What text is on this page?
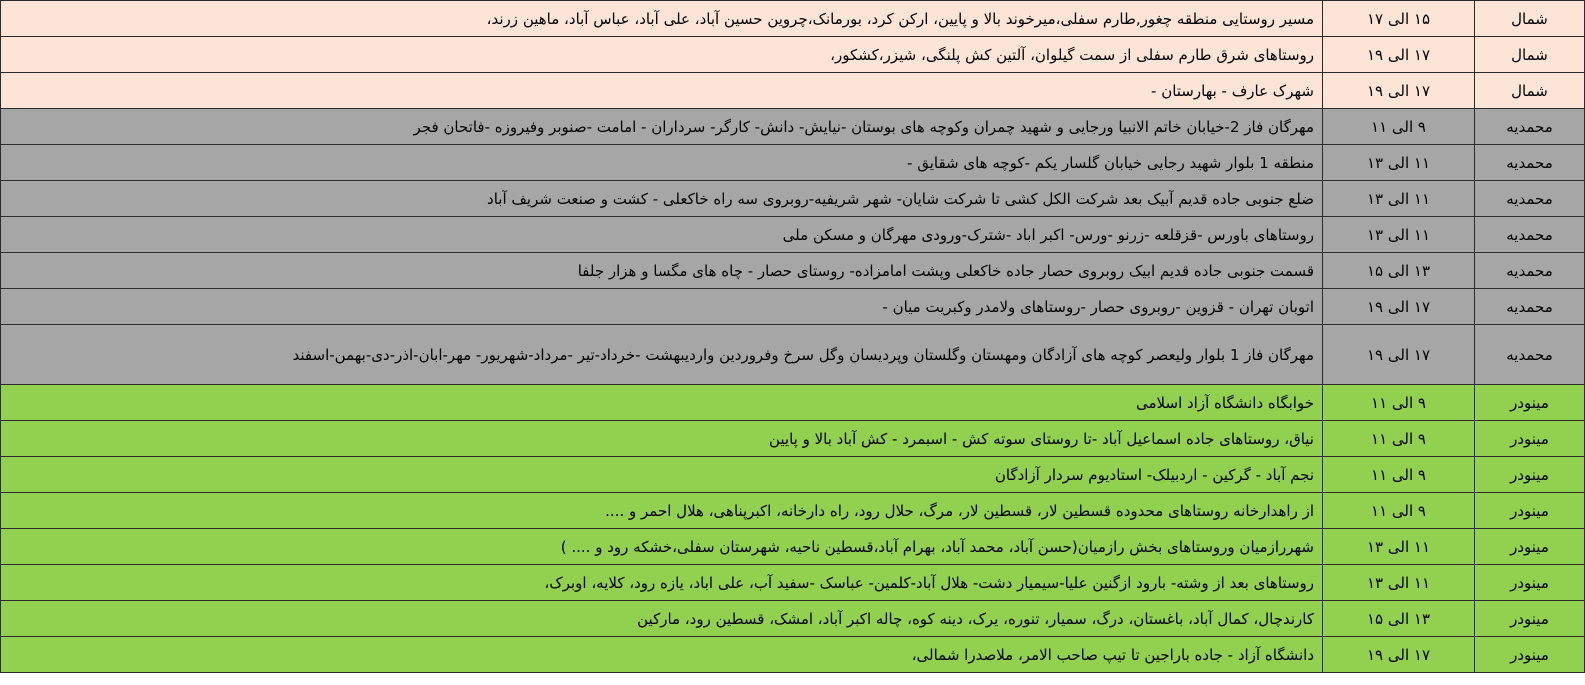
شمال	۱۵ الی ۱۷	مسیر روستایی منطقه چغور,طارم سفلی،میرخوند بالا و پایین، ارکن کرد، بورمانک،چروین حسین آباد، علی آباد، عباس آباد، ماهین زرند،
شمال	۱۷ الی ۱۹	روستاهای شرق طارم سفلی از سمت گیلوان، آلتین کش پلنگی، شیزر،کشکور،
شمال	۱۷ الی ۱۹	شهرک عارف - بهارستان -
محمدیه	۹ الی ۱۱	مهرگان فاز 2-خیابان خاتم الانبیا ورجایی و شهید چمران وکوچه های بوستان -نیایش- دانش- کارگر- سرداران - امامت -صنوبر وفیروزه -فاتحان فجر
محمدیه	۱۱ الی ۱۳	منطقه 1 بلوار شهید رجایی خیابان گلسار یکم -کوچه های شقایق -
محمدیه	۱۱ الی ۱۳	ضلع جنوبی جاده قدیم آبیک بعد شرکت الکل کشی تا شرکت شایان- شهر شریفیه-روبروی سه راه خاکعلی - کشت و صنعت شریف آباد
محمدیه	۱۱ الی ۱۳	روستاهای باورس -قزقلعه -زرنو -ورس- اکبر اباد -شترک-ورودی مهرگان و مسکن ملی
محمدیه	۱۳ الی ۱۵	قسمت جنوبی جاده قدیم ابیک روبروی حصار جاده خاکعلی وپشت امامزاده- روستای حصار - چاه های مگسا و هزار جلفا
محمدیه	۱۷ الی ۱۹	اتوبان تهران - قزوین -روبروی حصار -روستاهای ولامدر وکبریت میان -
محمدیه	۱۷ الی ۱۹	مهرگان فاز 1 بلوار ولیعصر کوچه های آزادگان ومهستان وگلستان وپردیسان وگل سرخ وفروردین واردیبهشت -خرداد-تیر -مرداد-شهریور- مهر-ابان-اذر-دی-بهمن-اسفند
مینودر	۹ الی ۱۱	خوابگاه دانشگاه آزاد اسلامی
مینودر	۹ الی ۱۱	نیاق، روستاهای جاده اسماعیل آباد -تا روستای سوته کش - اسبمرد - کش آباد بالا و پایین
مینودر	۹ الی ۱۱	نجم آباد - گرکین - اردبیلک- استادیوم سردار آزادگان
مینودر	۹ الی ۱۱	از راهدارخانه روستاهای محدوده قسطین لار، قسطین لار، مرگ، حلال رود، راه دارخانه، اکبرپناهی، هلال احمر و ....
مینودر	۱۱ الی ۱۳	شهررازمیان وروستاهای بخش رازمیان(حسن آباد، محمد آباد، بهرام آباد،قسطین ناحیه، شهرستان سفلی،خشکه رود و .... )
مینودر	۱۱ الی ۱۳	روستاهای بعد از وشته- بارود ازگنین علیا-سیمیار دشت- هلال آباد-کلمین- عباسک -سفید آب، علی اباد، یازه رود، کلایه، اوبرک،
مینودر	۱۳ الی ۱۵	کارندچال، کمال آباد، باغستان، درگ، سمیار، تنوره، یرک، دینه کوه، چاله اکبر آباد، امشک، قسطین رود، مارکین
مینودر	۱۷ الی ۱۹	دانشگاه آزاد - جاده باراجین تا تیپ صاحب الامر، ملاصدرا شمالی،
